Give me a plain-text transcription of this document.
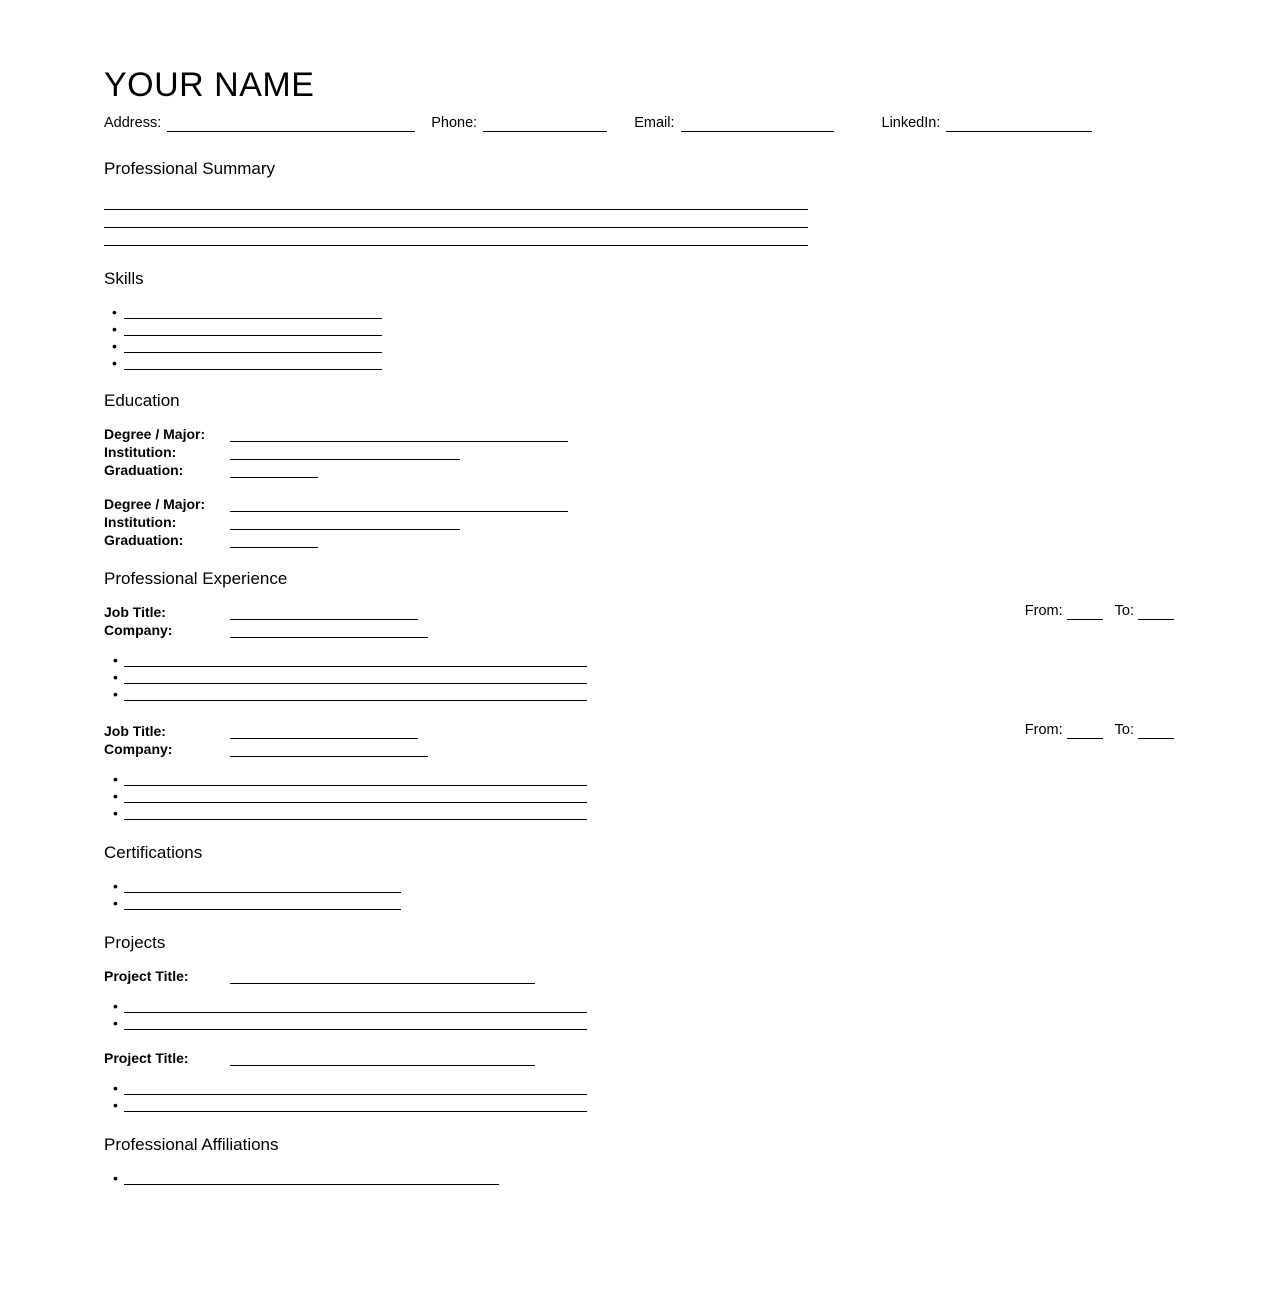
YOUR NAME
Address:	Phone:	Email:	LinkedIn:
Professional Summary
Skills
•
•
•
•
Education
Degree / Major:
Institution:
Graduation:
Degree / Major:
Institution:
Graduation:
Professional Experience
Job Title:
Company:
From:	To:
•
•
•
Job Title:
Company:
From:	To:
•
•
•
Certifications
•
•
Projects
Project Title:
•
•
Project Title:
•
•
Professional Affiliations
•
